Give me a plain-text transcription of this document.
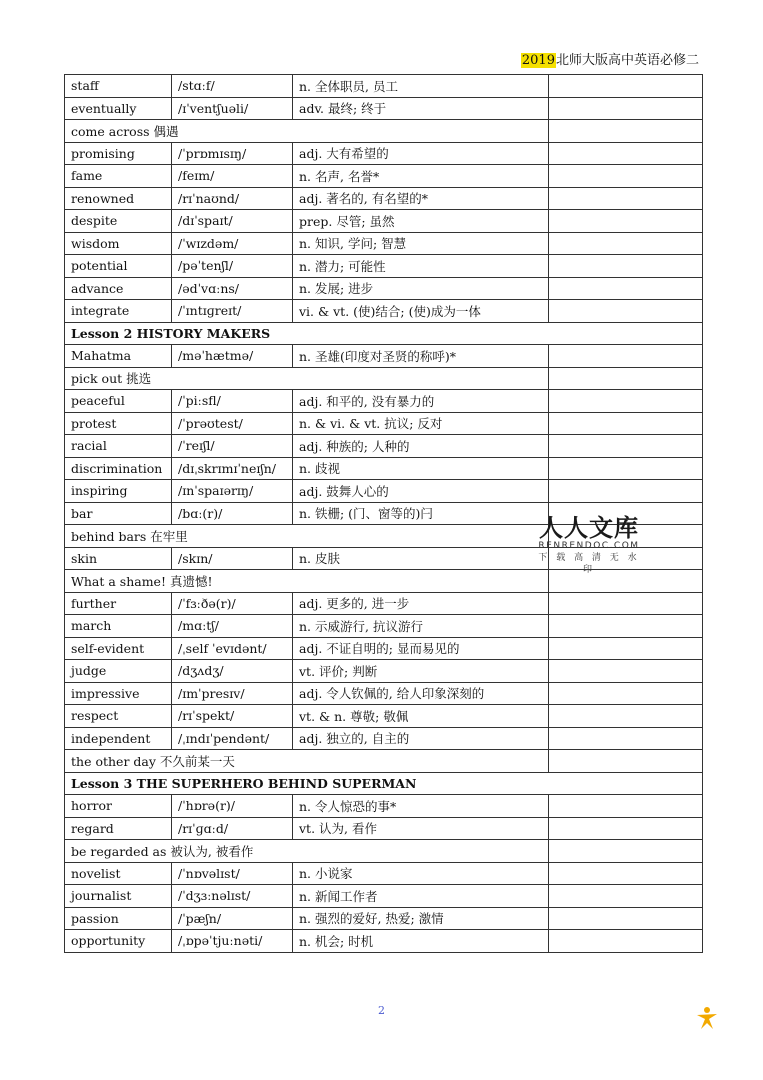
2019北师大版高中英语必修二
staff	/stɑːf/	n. 全体职员, 员工	
eventually	/ɪˈventʃuəli/	adv. 最终; 终于	
come across 偶遇			
promising	/ˈprɒmɪsɪŋ/	adj. 大有希望的	
fame	/feɪm/	n. 名声, 名誉*	
renowned	/rɪˈnaʊnd/	adj. 著名的, 有名望的*	
despite	/dɪˈspaɪt/	prep. 尽管; 虽然	
wisdom	/ˈwɪzdəm/	n. 知识, 学问; 智慧	
potential	/pəˈtenʃl/	n. 潜力; 可能性	
advance	/ədˈvɑːns/	n. 发展; 进步	
integrate	/ˈɪntɪɡreɪt/	vi. & vt. (使)结合; (使)成为一体	
Lesson 2 HISTORY MAKERS			
Mahatma	/məˈhætmə/	n. 圣雄(印度对圣贤的称呼)*	
pick out 挑选			
peaceful	/ˈpiːsfl/	adj. 和平的, 没有暴力的	
protest	/ˈprəʊtest/	n. & vi. & vt. 抗议; 反对	
racial	/ˈreɪʃl/	adj. 种族的; 人种的	
discrimination	/dɪˌskrɪmɪˈneɪʃn/	n. 歧视	
inspiring	/ɪnˈspaɪərɪŋ/	adj. 鼓舞人心的	
bar	/bɑː(r)/	n. 铁栅; (门、窗等的)闩	
behind bars 在牢里			
skin	/skɪn/	n. 皮肤	
What a shame! 真遗憾!			
further	/ˈfɜːðə(r)/	adj. 更多的, 进一步	
march	/mɑːtʃ/	n. 示威游行, 抗议游行	
self-evident	/ˌself ˈevɪdənt/	adj. 不证自明的; 显而易见的	
judge	/dʒʌdʒ/	vt. 评价; 判断	
impressive	/ɪmˈpresɪv/	adj. 令人钦佩的, 给人印象深刻的	
respect	/rɪˈspekt/	vt. & n. 尊敬; 敬佩	
independent	/ˌɪndɪˈpendənt/	adj. 独立的, 自主的	
the other day 不久前某一天			
Lesson 3 THE SUPERHERO BEHIND SUPERMAN			
horror	/ˈhɒrə(r)/	n. 令人惊恐的事*	
regard	/rɪˈɡɑːd/	vt. 认为, 看作	
be regarded as 被认为, 被看作			
novelist	/ˈnɒvəlɪst/	n. 小说家	
journalist	/ˈdʒɜːnəlɪst/	n. 新闻工作者	
passion	/ˈpæʃn/	n. 强烈的爱好, 热爱; 激情	
opportunity	/ˌɒpəˈtjuːnəti/	n. 机会; 时机	
人人文库
RENRENDOC.COM
下 载 高 清 无 水 印
2
